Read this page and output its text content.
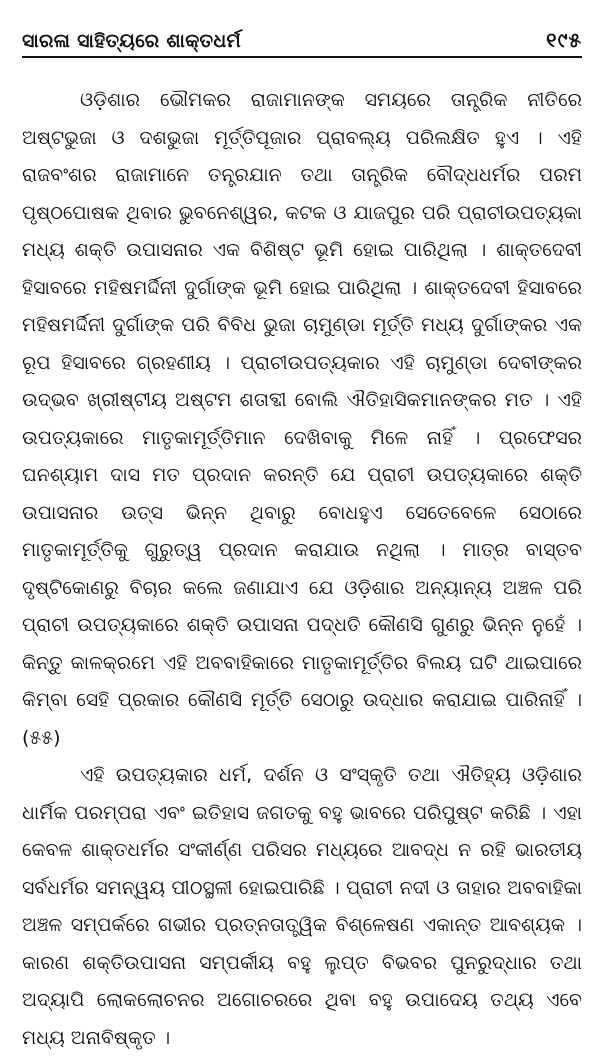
ସାରଳା ସାହିତ୍ୟରେ ଶାକ୍ତଧର୍ମ	୧୯୫

ଓଡ଼ିଶାର ଭୌମକର ରାଜାମାନଙ୍କ ସମୟରେ ତାନ୍ତ୍ରିକ ନୀତିରେ ଅଷ୍ଟଭୁଜା ଓ ଦଶଭୁଜା ମୂର୍ତ୍ତିପୂଜାର ପ୍ରାବଲ୍ୟ ପରିଲକ୍ଷିତ ହୁଏ । ଏହି ରାଜବଂଶର ରାଜାମାନେ ତନ୍ତ୍ରଯାନ ତଥା ତାନ୍ତ୍ରିକ ବୌଦ୍ଧଧର୍ମର ପରମ ପୃଷ୍ଠପୋଷକ ଥିବାର ଭୁବନେଶ୍ୱର, କଟକ ଓ ଯାଜପୁର ପରି ପ୍ରାଚୀଉପତ୍ୟକା ମଧ୍ୟ ଶକ୍ତି ଉପାସନାର ଏକ ବିଶିଷ୍ଟ ଭୂମି ହୋଇ ପାରିଥିଲା । ଶାକ୍ତଦେବୀ ହିସାବରେ ମହିଷମର୍ଦ୍ଦିନୀ ଦୁର୍ଗାଙ୍କ ଭୂମି ହୋଇ ପାରିଥିଲା । ଶାକ୍ତଦେବୀ ହିସାବରେ ମହିଷମର୍ଦ୍ଦିନୀ ଦୁର୍ଗାଙ୍କ ପରି ବିବିଧ ଭୁଜା ଚାମୁଣ୍ଡା ମୂର୍ତ୍ତି ମଧ୍ୟ ଦୁର୍ଗାଙ୍କର ଏକ ରୂପ ହିସାବରେ ଗ୍ରହଣୀୟ । ପ୍ରାଚୀଉପତ୍ୟକାର ଏହି ଚାମୁଣ୍ଡା ଦେବୀଙ୍କର ଉଦ୍ଭବ ଖ୍ରୀଷ୍ଟୀୟ ଅଷ୍ଟମ ଶତାବ୍ଦୀ ବୋଲି ଐତିହାସିକମାନଙ୍କର ମତ । ଏହି ଉପତ୍ୟକାରେ ମାତୃକାମୂର୍ତ୍ତିମାନ ଦେଖିବାକୁ ମିଳେ ନାହିଁ । ପ୍ରଫେସର ଘନଶ୍ୟାମ ଦାସ ମତ ପ୍ରଦାନ କରନ୍ତି ଯେ ପ୍ରାଚୀ ଉପତ୍ୟକାରେ ଶକ୍ତି ଉପାସନାର ଉତ୍ସ ଭିନ୍ନ ଥିବାରୁ ବୋଧହୁଏ ସେତେବେଳେ ସେଠାରେ ମାତୃକାମୂର୍ତ୍ତିକୁ ଗୁରୁତ୍ୱ ପ୍ରଦାନ କରାଯାଉ ନଥିଲା । ମାତ୍ର ବାସ୍ତବ ଦୃଷ୍ଟିକୋଣରୁ ବିଚାର କଲେ ଜଣାଯାଏ ଯେ ଓଡ଼ିଶାର ଅନ୍ୟାନ୍ୟ ଅଞ୍ଚଳ ପରି ପ୍ରାଚୀ ଉପତ୍ୟକାରେ ଶକ୍ତି ଉପାସନା ପଦ୍ଧତି କୌଣସି ଗୁଣରୁ ଭିନ୍ନ ନୁହେଁ । କିନ୍ତୁ କାଳକ୍ରମେ ଏହି ଅବବାହିକାରେ ମାତୃକାମୂର୍ତ୍ତିର ବିଲୟ ଘଟି ଥାଇପାରେ କିମ୍ବା ସେହି ପ୍ରକାର କୌଣସି ମୂର୍ତ୍ତି ସେଠାରୁ ଉଦ୍ଧାର କରାଯାଇ ପାରିନାହିଁ । (୫୫)

ଏହି ଉପତ୍ୟକାର ଧର୍ମ, ଦର୍ଶନ ଓ ସଂସ୍କୃତି ତଥା ଐତିହ୍ୟ ଓଡ଼ିଶାର ଧାର୍ମିକ ପରମ୍ପରା ଏବଂ ଇତିହାସ ଜଗତକୁ ବହୁ ଭାବରେ ପରିପୁଷ୍ଟ କରିଛି । ଏହା କେବଳ ଶାକ୍ତଧର୍ମର ସଂକୀର୍ଣ୍ଣ ପରିସର ମଧ୍ୟରେ ଆବଦ୍ଧ ନ ରହି ଭାରତୀୟ ସର୍ବଧର୍ମର ସମନ୍ୱୟ ପୀଠସ୍ଥଳୀ ହୋଇପାରିଛି । ପ୍ରାଚୀ ନଦୀ ଓ ତାହାର ଅବବାହିକା ଅଞ୍ଚଳ ସମ୍ପର୍କରେ ଗଭୀର ପ୍ରତ୍ନତାତ୍ତ୍ୱିକ ବିଶ୍ଳେଷଣ ଏକାନ୍ତ ଆବଶ୍ୟକ । କାରଣ ଶକ୍ତିଉପାସନା ସମ୍ପର୍କୀୟ ବହୁ ଲୁପ୍ତ ବିଭବର ପୁନରୁଦ୍ଧାର ତଥା ଅଦ୍ୟାପି ଲୋକଲୋଚନର ଅଗୋଚରରେ ଥିବା ବହୁ ଉପାଦେୟ ତଥ୍ୟ ଏବେ ମଧ୍ୟ ଅନାବିଷ୍କୃତ ।
